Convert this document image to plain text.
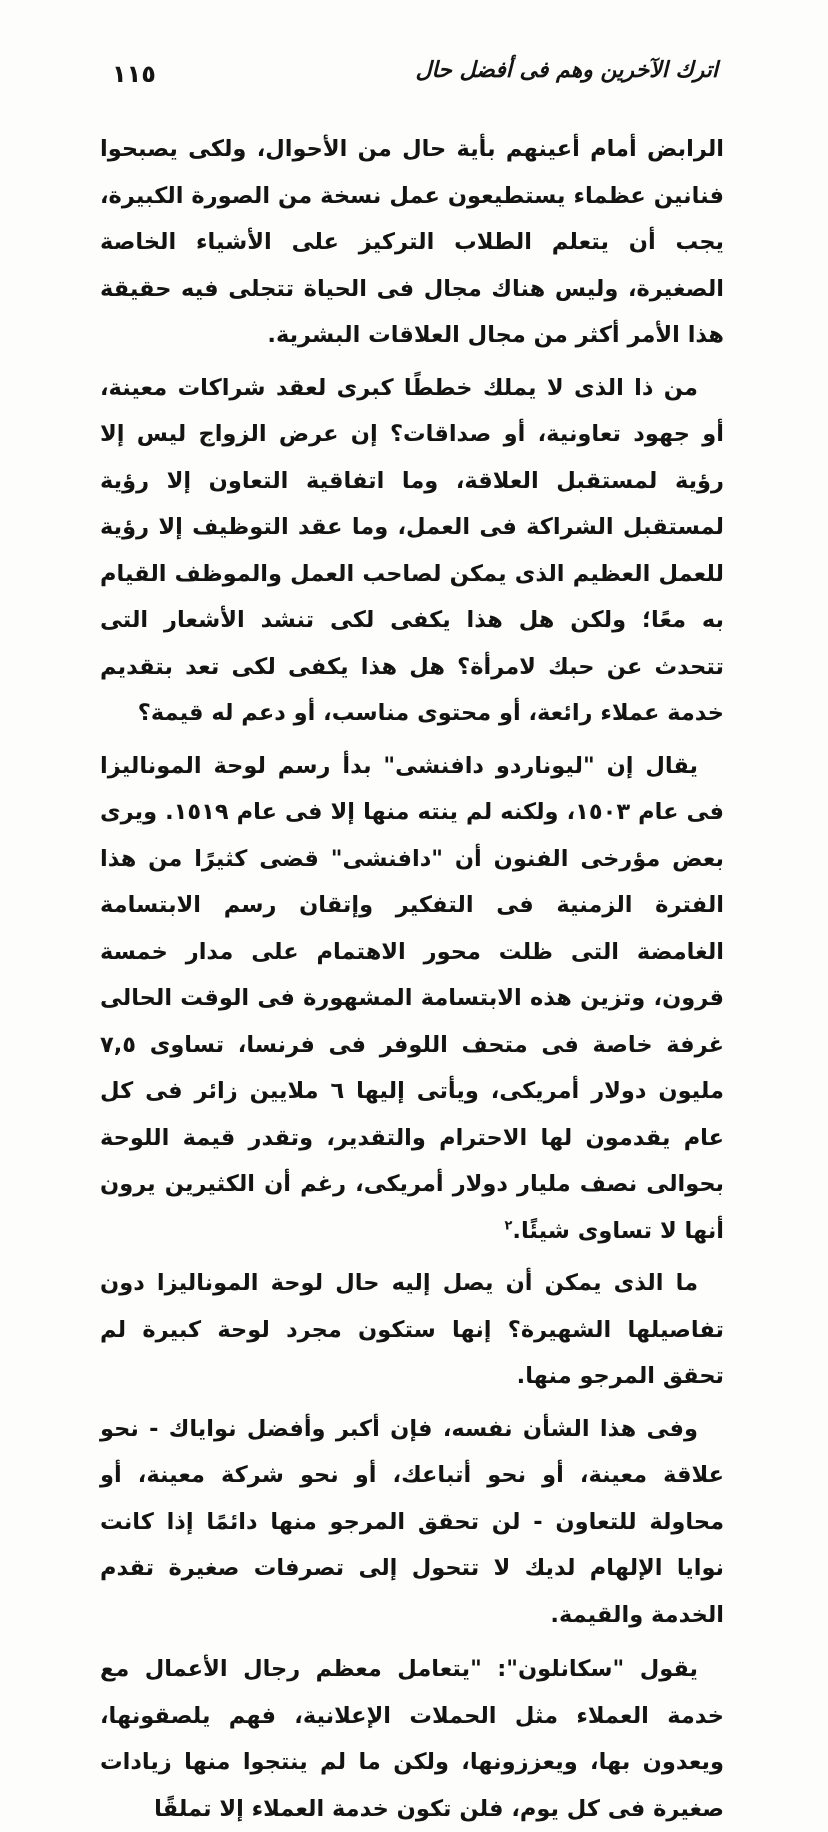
١١٥	اترك الآخرين وهم فى أفضل حال

الرابض أمام أعينهم بأية حال من الأحوال، ولكى يصبحوا فنانين عظماء يستطيعون عمل نسخة من الصورة الكبيرة، يجب أن يتعلم الطلاب التركيز على الأشياء الخاصة الصغيرة، وليس هناك مجال فى الحياة تتجلى فيه حقيقة هذا الأمر أكثر من مجال العلاقات البشرية.

من ذا الذى لا يملك خططًا كبرى لعقد شراكات معينة، أو جهود تعاونية، أو صداقات؟ إن عرض الزواج ليس إلا رؤية لمستقبل العلاقة، وما اتفاقية التعاون إلا رؤية لمستقبل الشراكة فى العمل، وما عقد التوظيف إلا رؤية للعمل العظيم الذى يمكن لصاحب العمل والموظف القيام به معًا؛ ولكن هل هذا يكفى لكى تنشد الأشعار التى تتحدث عن حبك لامرأة؟ هل هذا يكفى لكى تعد بتقديم خدمة عملاء رائعة، أو محتوى مناسب، أو دعم له قيمة؟

يقال إن "ليوناردو دافنشى" بدأ رسم لوحة الموناليزا فى عام ١٥٠٣، ولكنه لم ينته منها إلا فى عام ١٥١٩. ويرى بعض مؤرخى الفنون أن "دافنشى" قضى كثيرًا من هذا الفترة الزمنية فى التفكير وإتقان رسم الابتسامة الغامضة التى ظلت محور الاهتمام على مدار خمسة قرون، وتزين هذه الابتسامة المشهورة فى الوقت الحالى غرفة خاصة فى متحف اللوفر فى فرنسا، تساوى ٧,٥ مليون دولار أمريكى، ويأتى إليها ٦ ملايين زائر فى كل عام يقدمون لها الاحترام والتقدير، وتقدر قيمة اللوحة بحوالى نصف مليار دولار أمريكى، رغم أن الكثيرين يرون أنها لا تساوى شيئًا.$^٢$

ما الذى يمكن أن يصل إليه حال لوحة الموناليزا دون تفاصيلها الشهيرة؟ إنها ستكون مجرد لوحة كبيرة لم تحقق المرجو منها.

وفى هذا الشأن نفسه، فإن أكبر وأفضل نواياك - نحو علاقة معينة، أو نحو أتباعك، أو نحو شركة معينة، أو محاولة للتعاون - لن تحقق المرجو منها دائمًا إذا كانت نوايا الإلهام لديك لا تتحول إلى تصرفات صغيرة تقدم الخدمة والقيمة.

يقول "سكانلون": "يتعامل معظم رجال الأعمال مع خدمة العملاء مثل الحملات الإعلانية، فهم يلصقونها، ويعدون بها، ويعززونها، ولكن ما لم ينتجوا منها زيادات صغيرة فى كل يوم، فلن تكون خدمة العملاء إلا تملقًا
